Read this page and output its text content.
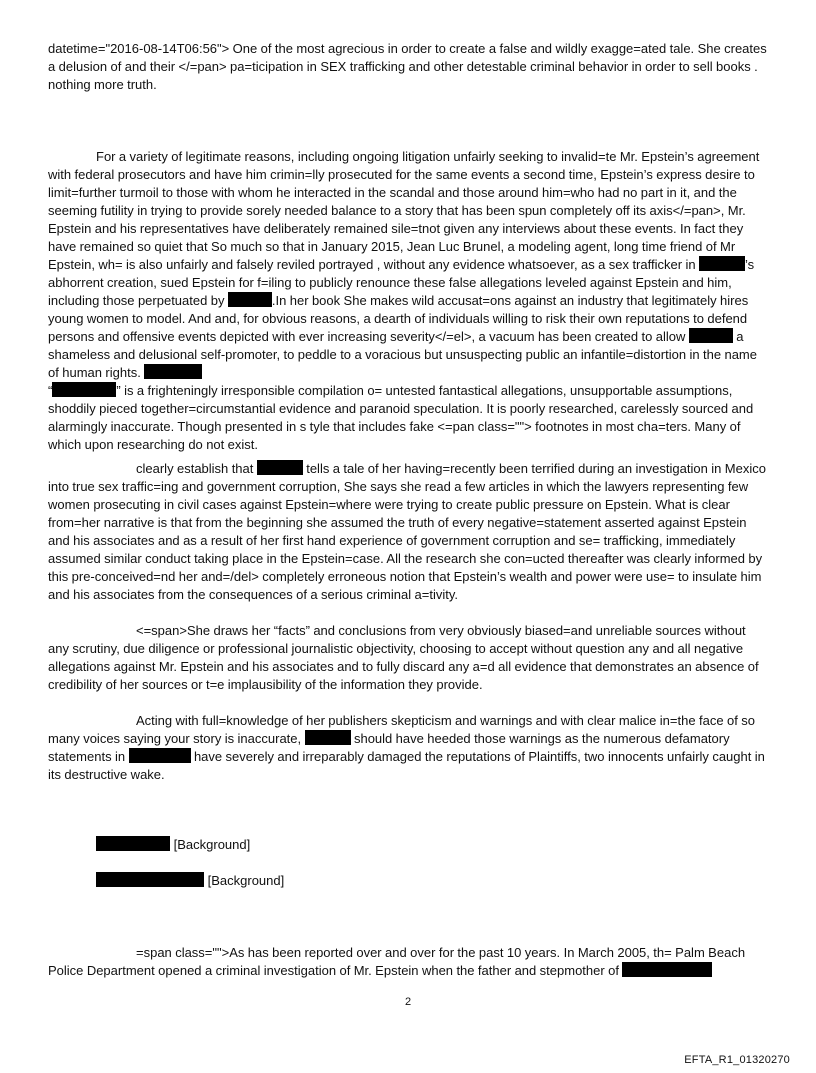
datetime="2016-08-14T06:56"> One of the most agrecious in order to create a false and wildly exagge=ated tale. She creates a delusion of and their </=pan> pa=ticipation in SEX trafficking and other detestable criminal behavior in order to sell books . nothing more truth.

For a variety of legitimate reasons, including ongoing litigation unfairly seeking to invalid=te Mr. Epstein’s agreement with federal prosecutors and have him crimin=lly prosecuted for the same events a second time, Epstein’s express desire to limit=further turmoil to those with whom he interacted in the scandal and those around him=who had no part in it, and the seeming futility in trying to provide sorely needed balance to a story that has been spun completely off its axis</=pan>, Mr. Epstein and his representatives have deliberately remained sile=tnot given any interviews about these events. In fact they have remained so quiet that So much so that in January 2015, Jean Luc Brunel, a modeling agent, long time friend of Mr Epstein, wh= is also unfairly and falsely reviled portrayed , without any evidence whatsoever, as a sex trafficker in	’s abhorrent creation, sued Epstein for f=iling to publicly renounce these false allegations leveled against Epstein and him, including those perpetuated by	.In her book She makes wild accusat=ons against an industry that legitimately hires young women to model. And and, for obvious reasons, a dearth of individuals willing to risk their own reputations to defend persons and offensive events depicted with ever increasing severity</=el>, a vacuum has been created to allow	a shameless and delusional self-promoter, to peddle to a voracious but unsuspecting public an infantile=distortion in the name of human rights.
“	” is a frighteningly irresponsible compilation o= untested fantastical allegations, unsupportable assumptions, shoddily pieced together=circumstantial evidence and paranoid speculation. It is poorly researched, carelessly sourced and alarmingly inaccurate. Though presented in s tyle that includes fake <=pan class=""> footnotes in most cha=ters. Many of which upon researching do not exist.

clearly establish that	tells a tale of her having=recently been terrified during an investigation in Mexico into true sex traffic=ing and government corruption, She says she read a few articles in which the lawyers representing few women prosecuting in civil cases against Epstein=where were trying to create public pressure on Epstein. What is clear from=her narrative is that from the beginning she assumed the truth of every negative=statement asserted against Epstein and his associates and as a result of her first hand experience of government corruption and se= trafficking, immediately assumed similar conduct taking place in the Epstein=case. All the research she con=ucted thereafter was clearly informed by this pre-conceived=nd her and=/del> completely erroneous notion that Epstein’s wealth and power were use= to insulate him and his associates from the consequences of a serious criminal a=tivity.

<=span>She draws her “facts” and conclusions from very obviously biased=and unreliable sources without any scrutiny, due diligence or professional journalistic objectivity, choosing to accept without question any and all negative allegations against Mr. Epstein and his associates and to fully discard any a=d all evidence that demonstrates an absence of credibility of her sources or t=e implausibility of the information they provide.

Acting with full=knowledge of her publishers skepticism and warnings and with clear malice in=the face of so many voices saying your story is inaccurate,	should have heeded those warnings as the numerous defamatory statements in	have severely and irreparably damaged the reputations of Plaintiffs, two innocents unfairly caught in its destructive wake.

[Background]
[Background]

=span class="">As has been reported over and over for the past 10 years. In March 2005, th= Palm Beach Police Department opened a criminal investigation of Mr. Epstein when the father and stepmother of

2
EFTA_R1_01320270
